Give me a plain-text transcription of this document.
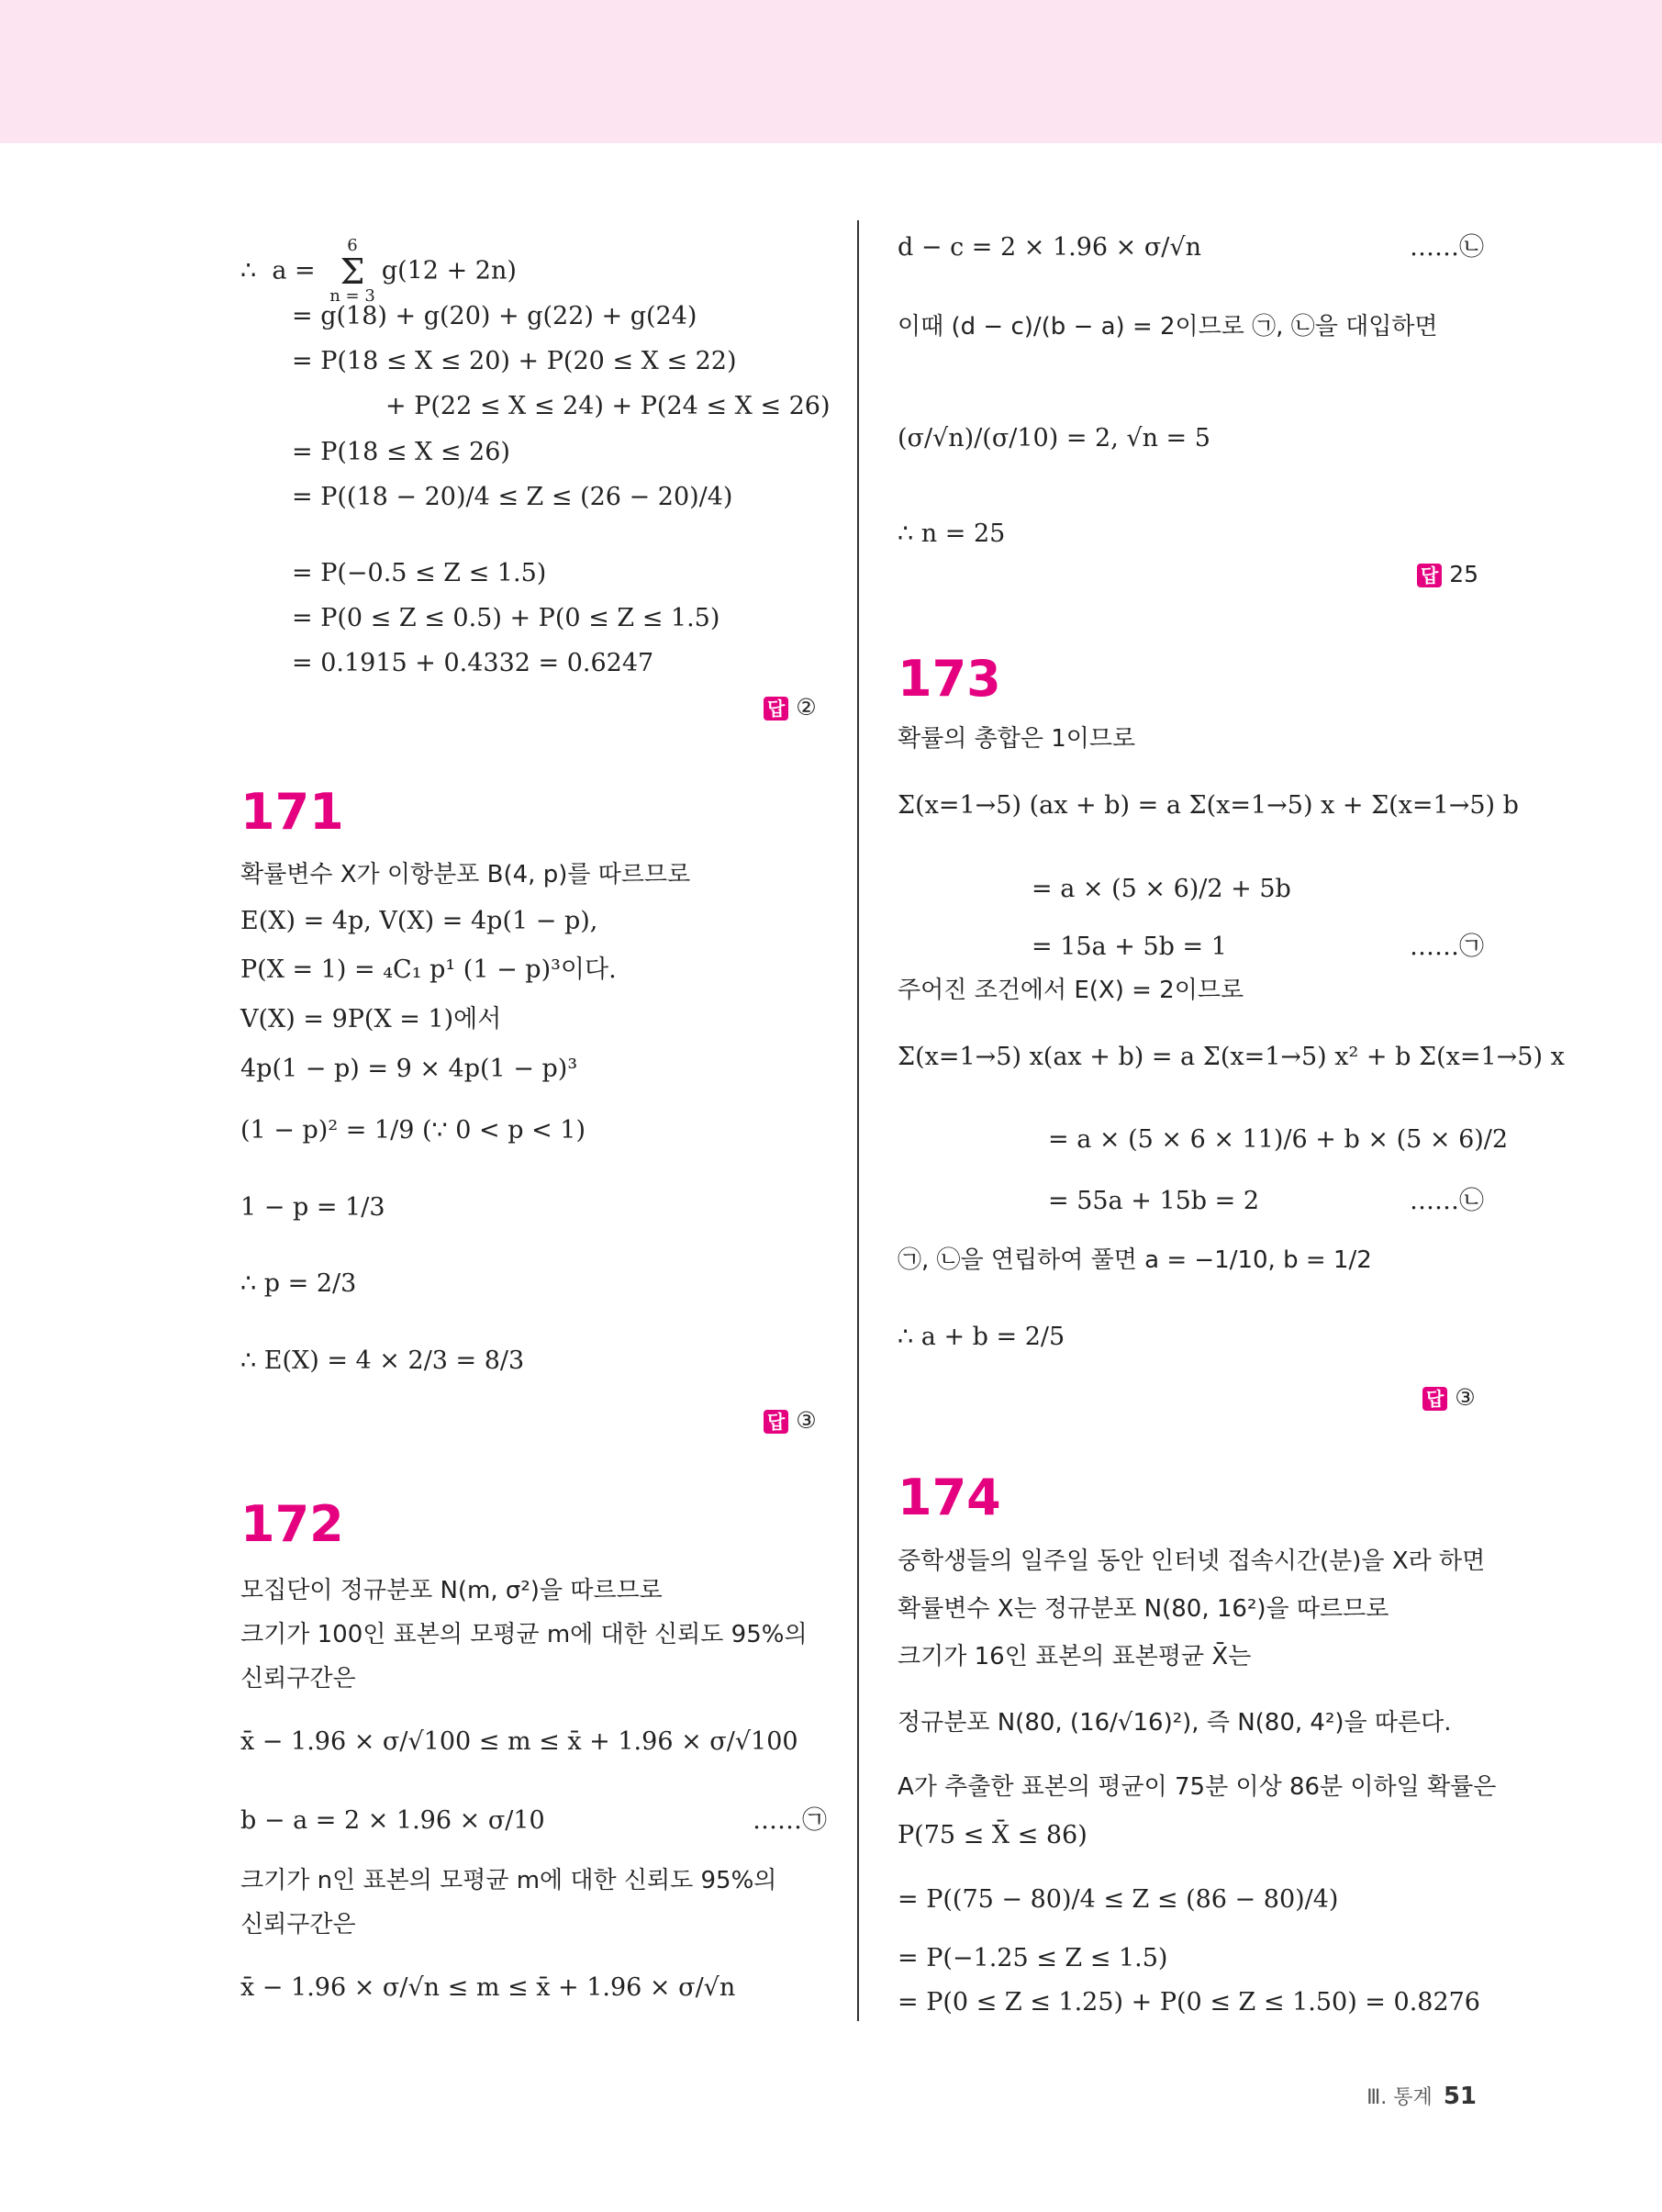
∴  a =
6
Σ
n = 3
g(12 + 2n)
= g(18) + g(20) + g(22) + g(24)
= P(18 ≤ X ≤ 20) + P(20 ≤ X ≤ 22)
+ P(22 ≤ X ≤ 24) + P(24 ≤ X ≤ 26)
= P(18 ≤ X ≤ 26)
= P((18 − 20)/4 ≤ Z ≤ (26 − 20)/4)
= P(−0.5 ≤ Z ≤ 1.5)
= P(0 ≤ Z ≤ 0.5) + P(0 ≤ Z ≤ 1.5)
= 0.1915 + 0.4332 = 0.6247
답 ②
171
확률변수 X가 이항분포 B(4, p)를 따르므로
E(X) = 4p, V(X) = 4p(1 − p),
P(X = 1) = ₄C₁ p¹ (1 − p)³이다.
V(X) = 9P(X = 1)에서
4p(1 − p) = 9 × 4p(1 − p)³
(1 − p)² = 1/9 (∵ 0 < p < 1)
1 − p = 1/3
∴ p = 2/3
∴ E(X) = 4 × 2/3 = 8/3
답 ③
172
모집단이 정규분포 N(m, σ²)을 따르므로
크기가 100인 표본의 모평균 m에 대한 신뢰도 95%의
신뢰구간은
x̄ − 1.96 × σ/√100 ≤ m ≤ x̄ + 1.96 × σ/√100
b − a = 2 × 1.96 × σ/10	……㉠
크기가 n인 표본의 모평균 m에 대한 신뢰도 95%의
신뢰구간은
x̄ − 1.96 × σ/√n ≤ m ≤ x̄ + 1.96 × σ/√n
d − c = 2 × 1.96 × σ/√n	……㉡
이때 (d − c)/(b − a) = 2이므로 ㉠, ㉡을 대입하면
(σ/√n)/(σ/10) = 2, √n = 5
∴ n = 25
답 25
173
확률의 총합은 1이므로
Σ(x=1→5) (ax + b) = a Σ(x=1→5) x + Σ(x=1→5) b
= a × (5 × 6)/2 + 5b
= 15a + 5b = 1	……㉠
주어진 조건에서 E(X) = 2이므로
Σ(x=1→5) x(ax + b) = a Σ(x=1→5) x² + b Σ(x=1→5) x
= a × (5 × 6 × 11)/6 + b × (5 × 6)/2
= 55a + 15b = 2	……㉡
㉠, ㉡을 연립하여 풀면 a = −1/10, b = 1/2
∴ a + b = 2/5
답 ③
174
중학생들의 일주일 동안 인터넷 접속시간(분)을 X라 하면
확률변수 X는 정규분포 N(80, 16²)을 따르므로
크기가 16인 표본의 표본평균 X̄는
정규분포 N(80, (16/√16)²), 즉 N(80, 4²)을 따른다.
A가 추출한 표본의 평균이 75분 이상 86분 이하일 확률은
P(75 ≤ X̄ ≤ 86)
= P((75 − 80)/4 ≤ Z ≤ (86 − 80)/4)
= P(−1.25 ≤ Z ≤ 1.5)
= P(0 ≤ Z ≤ 1.25) + P(0 ≤ Z ≤ 1.50) = 0.8276
Ⅲ. 통계 51
